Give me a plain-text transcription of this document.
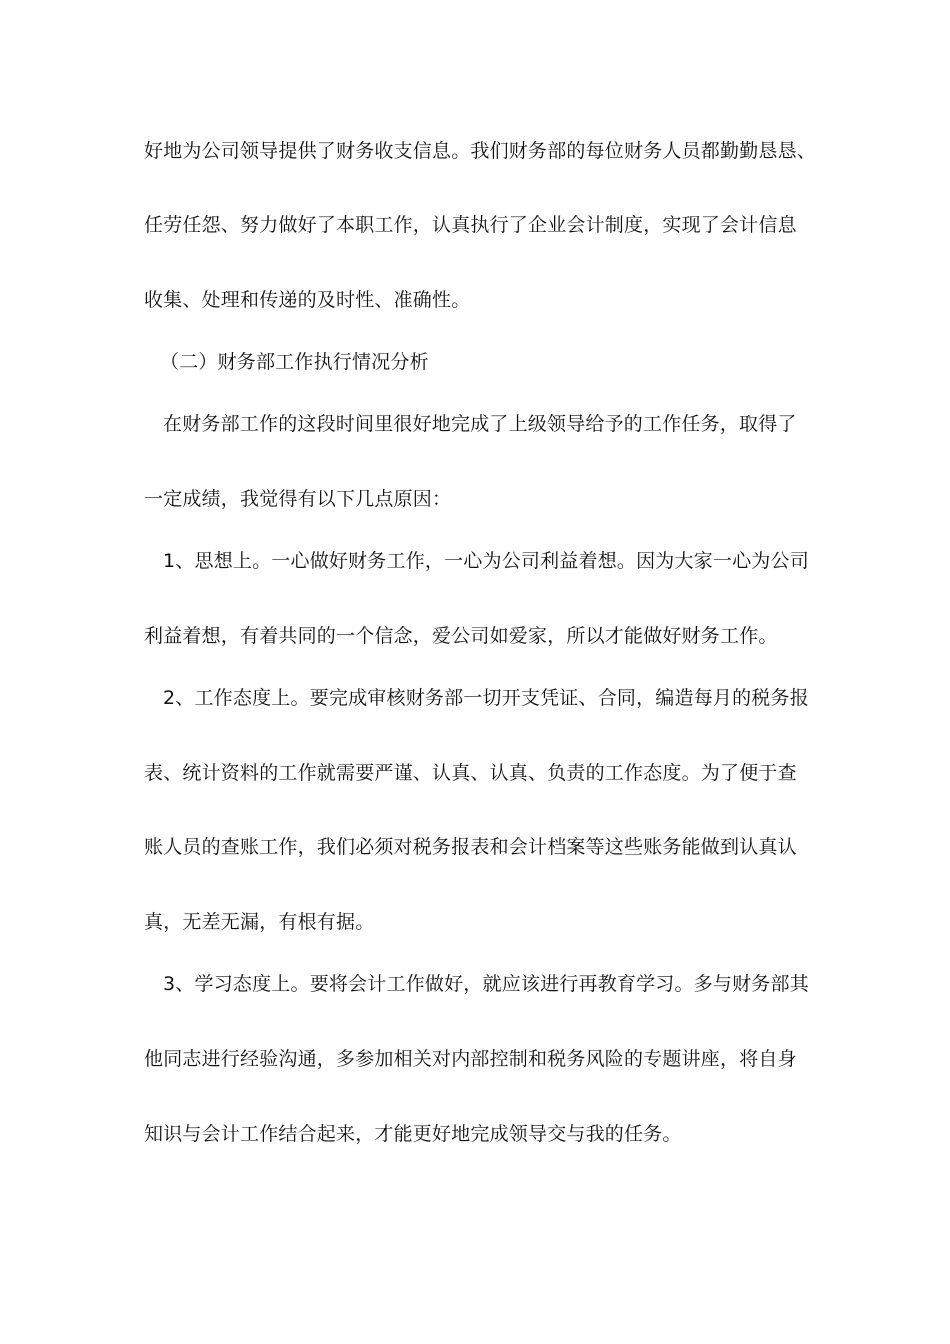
好地为公司领导提供了财务收支信息。我们财务部的每位财务人员都勤勤恳恳、
任劳任怨、努力做好了本职工作，认真执行了企业会计制度，实现了会计信息
收集、处理和传递的及时性、准确性。
（二）财务部工作执行情况分析
在财务部工作的这段时间里很好地完成了上级领导给予的工作任务，取得了
一定成绩，我觉得有以下几点原因：
1、思想上。一心做好财务工作，一心为公司利益着想。因为大家一心为公司
利益着想，有着共同的一个信念，爱公司如爱家，所以才能做好财务工作。
2、工作态度上。要完成审核财务部一切开支凭证、合同，编造每月的税务报
表、统计资料的工作就需要严谨、认真、认真、负责的工作态度。为了便于查
账人员的查账工作，我们必须对税务报表和会计档案等这些账务能做到认真认
真，无差无漏，有根有据。
3、学习态度上。要将会计工作做好，就应该进行再教育学习。多与财务部其
他同志进行经验沟通，多参加相关对内部控制和税务风险的专题讲座，将自身
知识与会计工作结合起来，才能更好地完成领导交与我的任务。
